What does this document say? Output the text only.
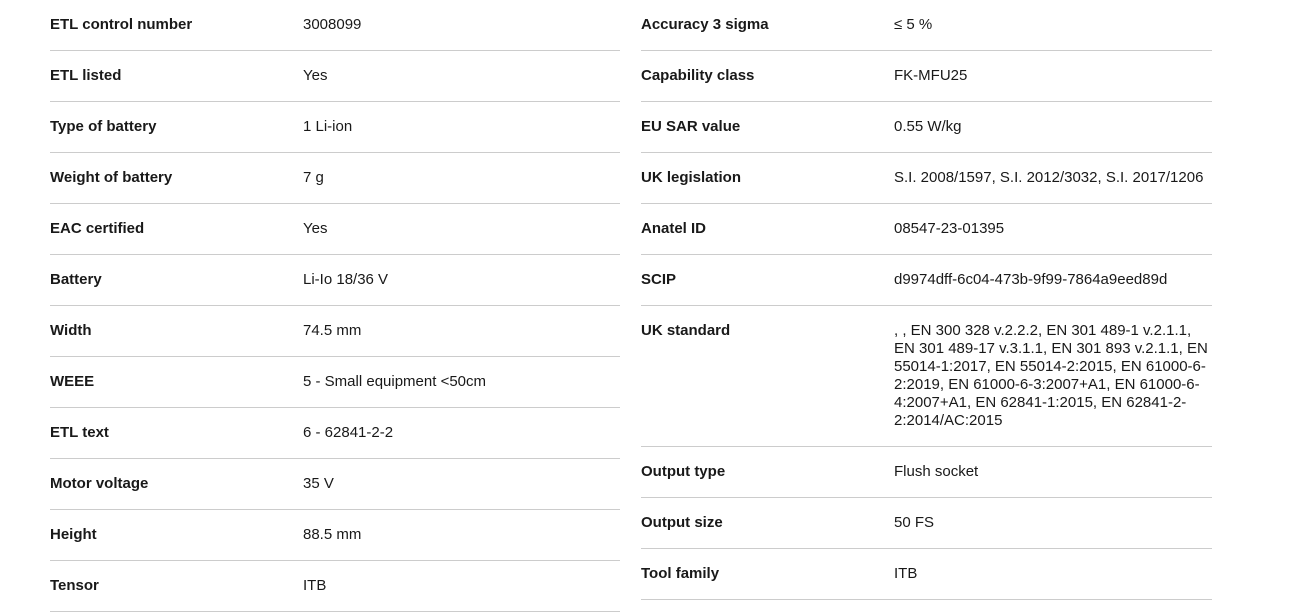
ETL control number	3008099
ETL listed	Yes
Type of battery	1 Li-ion
Weight of battery	7 g
EAC certified	Yes
Battery	Li-Io 18/36 V
Width	74.5 mm
WEEE	5 - Small equipment <50cm
ETL text	6 - 62841-2-2
Motor voltage	35 V
Height	88.5 mm
Tensor	ITB
Accuracy 3 sigma	≤ 5 %
Capability class	FK-MFU25
EU SAR value	0.55 W/kg
UK legislation	S.I. 2008/1597, S.I. 2012/3032, S.I. 2017/1206
Anatel ID	08547-23-01395
SCIP	d9974dff-6c04-473b-9f99-7864a9eed89d
UK standard	, , EN 300 328 v.2.2.2, EN 301 489-1 v.2.1.1, EN 301 489-17 v.3.1.1, EN 301 893 v.2.1.1, EN 55014-1:2017, EN 55014-2:2015, EN 61000-6-2:2019, EN 61000-6-3:2007+A1, EN 61000-6-4:2007+A1, EN 62841-1:2015, EN 62841-2-2:2014/AC:2015
Output type	Flush socket
Output size	50 FS
Tool family	ITB
